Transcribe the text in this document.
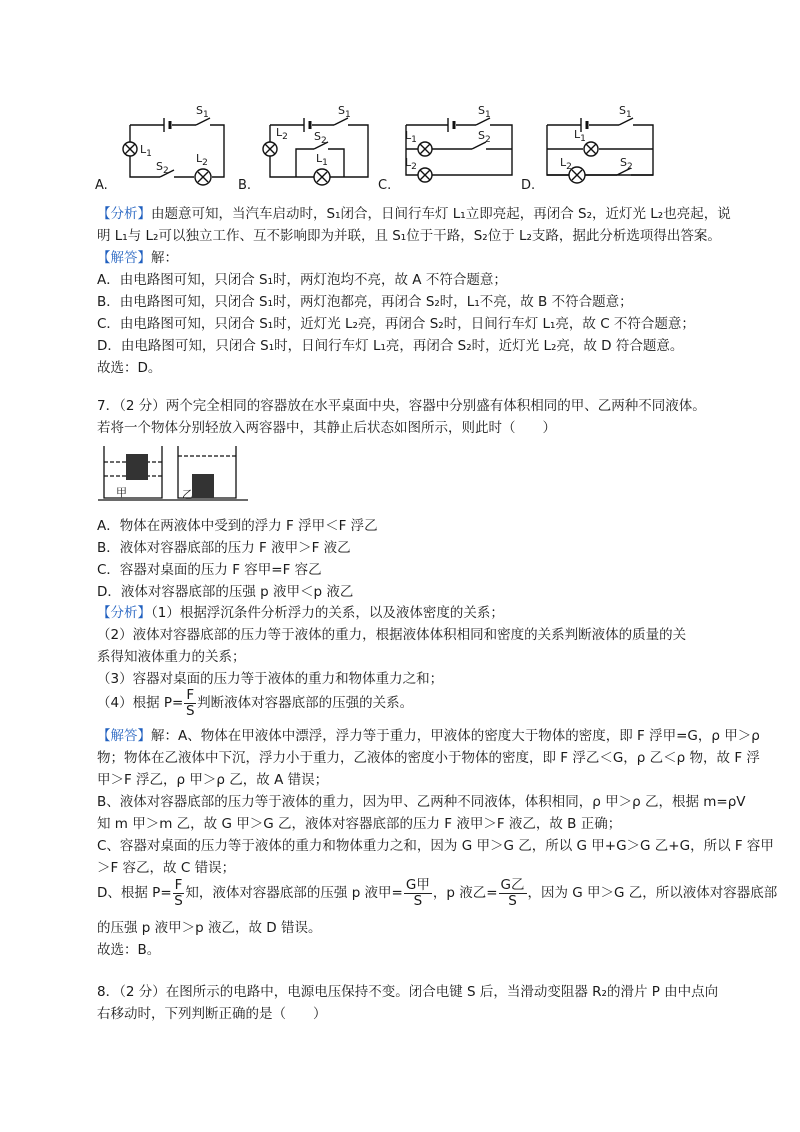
$S_1$
$L_1$
$S_2$
$L_2$
A.
$S_1$
$L_2$ $S_2$
$L_1$
B.
$S_1$
$L_1$	$S_2$
$L_2$
C.
$S_1$
$L_1$
$L_2$	$S_2$
D.
【分析】由题意可知，当汽车启动时，S₁闭合，日间行车灯 L₁立即亮起，再闭合 S₂，近灯光 L₂也亮起，说
明 L₁与 L₂可以独立工作、互不影响即为并联，且 S₁位于干路，S₂位于 L₂支路，据此分析选项得出答案。
【解答】解：
A．由电路图可知，只闭合 S₁时，两灯泡均不亮，故 A 不符合题意；
B．由电路图可知，只闭合 S₁时，两灯泡都亮，再闭合 S₂时，L₁不亮，故 B 不符合题意；
C．由电路图可知，只闭合 S₁时，近灯光 L₂亮，再闭合 S₂时，日间行车灯 L₁亮，故 C 不符合题意；
D．由电路图可知，只闭合 S₁时，日间行车灯 L₁亮，再闭合 S₂时，近灯光 L₂亮，故 D 符合题意。
故选：D。
7．（2 分）两个完全相同的容器放在水平桌面中央，容器中分别盛有体积相同的甲、乙两种不同液体。
若将一个物体分别轻放入两容器中，其静止后状态如图所示，则此时（　　）
甲	乙
A．物体在两液体中受到的浮力 F 浮甲＜F 浮乙
B．液体对容器底部的压力 F 液甲＞F 液乙
C．容器对桌面的压力 F 容甲=F 容乙
D．液体对容器底部的压强 p 液甲＜p 液乙
【分析】（1）根据浮沉条件分析浮力的关系，以及液体密度的关系；
（2）液体对容器底部的压力等于液体的重力，根据液体体积相同和密度的关系判断液体的质量的关
系得知液体重力的关系；
（3）容器对桌面的压力等于液体的重力和物体重力之和；
（4）根据 $P= \frac{F}{S}$ 判断液体对容器底部的压强的关系。
【解答】解：A、物体在甲液体中漂浮，浮力等于重力，甲液体的密度大于物体的密度，即 F 浮甲=G，ρ 甲＞ρ
物；物体在乙液体中下沉，浮力小于重力，乙液体的密度小于物体的密度，即 F 浮乙＜G，ρ 乙＜ρ 物，故 F 浮
甲＞F 浮乙，ρ 甲＞ρ 乙，故 A 错误；
B、液体对容器底部的压力等于液体的重力，因为甲、乙两种不同液体，体积相同，ρ 甲＞ρ 乙，根据 m=ρV
知 m 甲＞m 乙，故 G 甲＞G 乙，液体对容器底部的压力 F 液甲＞F 液乙，故 B 正确；
C、容器对桌面的压力等于液体的重力和物体重力之和，因为 G 甲＞G 乙，所以 G 甲+G＞G 乙+G，所以 F 容甲
＞F 容乙，故 C 错误；
D、根据 $P= \frac{F}{S}$ 知，液体对容器底部的压强 p 液甲= $\frac{\text{G甲}}{S}$ ，p 液乙= $\frac{\text{G乙}}{S}$ ，因为 G 甲＞G 乙，所以液体对容器底部
的压强 p 液甲＞p 液乙，故 D 错误。
故选：B。
8．（2 分）在图所示的电路中，电源电压保持不变。闭合电键 S 后，当滑动变阻器 R₂的滑片 P 由中点向
右移动时，下列判断正确的是（　　）
